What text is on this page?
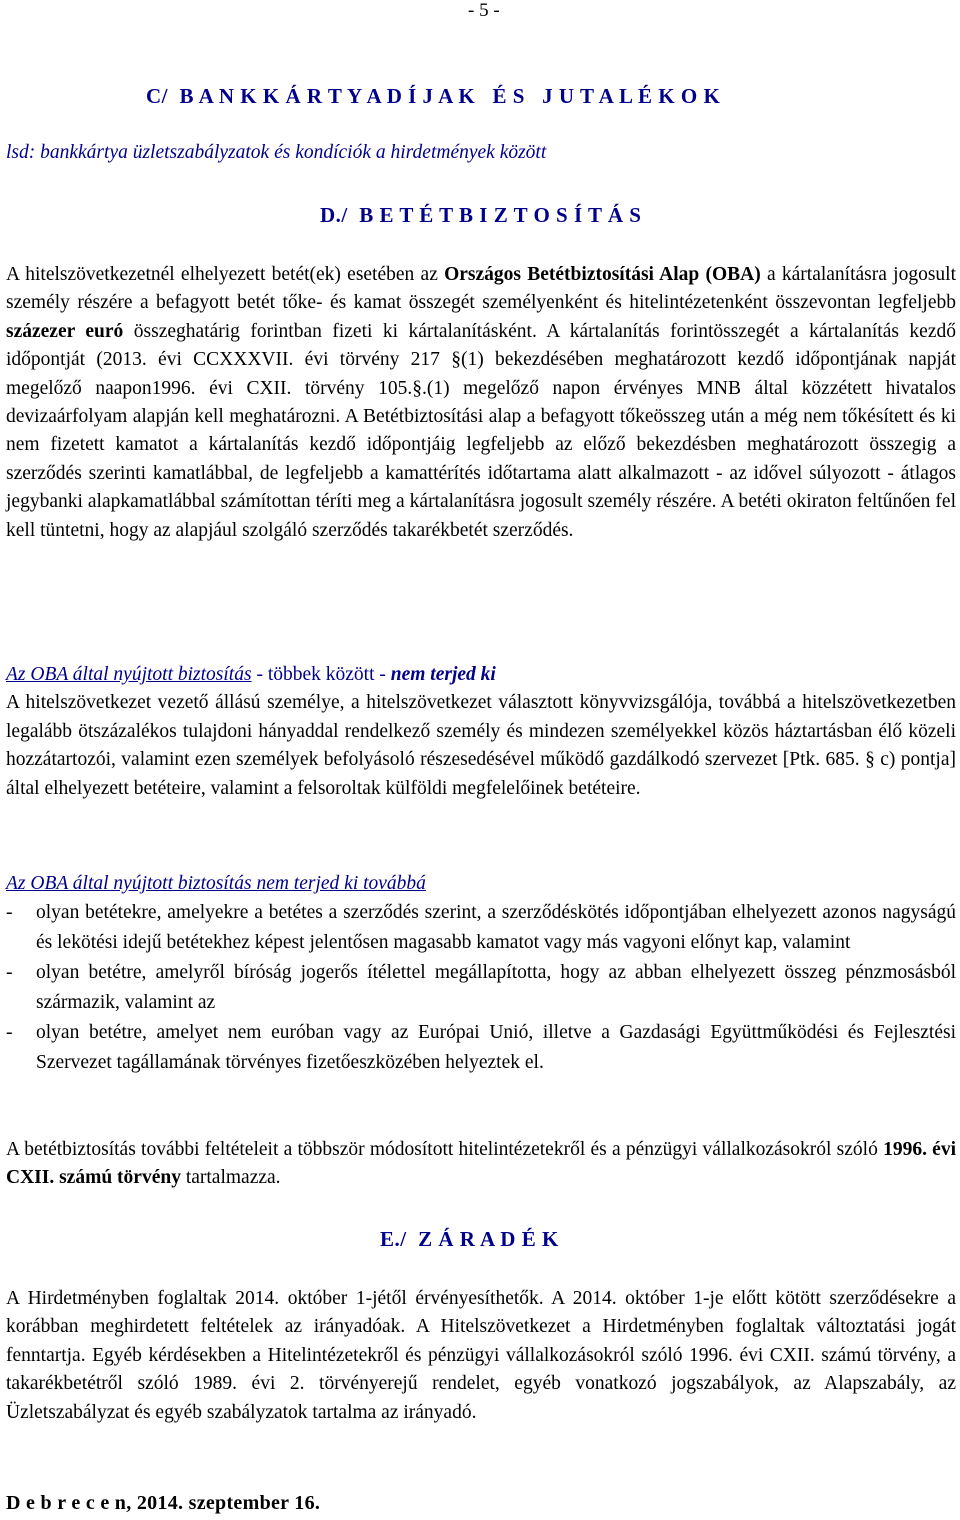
- 5 -
C/  B A N K K Á R T Y A D Í J A K   É S   J U T A L É K O K
lsd: bankkártya üzletszabályzatok és kondíciók a hirdetmények között
D./  B E T É T B I Z T O S Í T Á S
A hitelszövetkezetnél elhelyezett betét(ek) esetében az Országos Betétbiztosítási Alap (OBA) a kártalanításra jogosult személy részére a befagyott betét tőke- és kamat összegét személyenként és hitelintézetenként összevontan legfeljebb százezer euró összeghatárig forintban fizeti ki kártalanításként. A kártalanítás forintösszegét a kártalanítás kezdő időpontját (2013. évi CCXXXVII. évi törvény 217 §(1) bekezdésében meghatározott kezdő időpontjának napját megelőző naapon1996. évi CXII. törvény 105.§.(1) megelőző napon érvényes MNB által közzétett hivatalos devizaárfolyam alapján kell meghatározni. A Betétbiztosítási alap a befagyott tőkeösszeg után a még nem tőkésített és ki nem fizetett kamatot a kártalanítás kezdő időpontjáig legfeljebb az előző bekezdésben meghatározott összegig a szerződés szerinti kamatlábbal, de legfeljebb a kamattérítés időtartama alatt alkalmazott - az idővel súlyozott - átlagos jegybanki alapkamatlábbal számítottan téríti meg a kártalanításra jogosult személy részére. A betéti okiraton feltűnően fel kell tüntetni, hogy az alapjául szolgáló szerződés takarékbetét szerződés.
Az OBA által nyújtott biztosítás - többek között - nem terjed ki
A hitelszövetkezet vezető állású személye, a hitelszövetkezet választott könyvvizsgálója, továbbá a hitelszövetkezetben legalább ötszázalékos tulajdoni hányaddal rendelkező személy és mindezen személyekkel közös háztartásban élő közeli hozzátartozói, valamint ezen személyek befolyásoló részesedésével működő gazdálkodó szervezet [Ptk. 685. § c) pontja] által elhelyezett betéteire, valamint a felsoroltak külföldi megfelelőinek betéteire.
Az OBA által nyújtott biztosítás nem terjed ki továbbá

- olyan betétekre, amelyekre a betétes a szerződés szerint, a szerződéskötés időpontjában elhelyezett azonos nagyságú és lekötési idejű betétekhez képest jelentősen magasabb kamatot vagy más vagyoni előnyt kap, valamint

- olyan betétre, amelyről bíróság jogerős ítélettel megállapította, hogy az abban elhelyezett összeg pénzmosásból származik, valamint az

- olyan betétre, amelyet nem euróban vagy az Európai Unió, illetve a Gazdasági Együttműködési és Fejlesztési Szervezet tagállamának törvényes fizetőeszközében helyeztek el.

A betétbiztosítás további feltételeit a többször módosított hitelintézetekről és a pénzügyi vállalkozásokról szóló 1996. évi CXII. számú törvény tartalmazza.
E./  Z Á R A D É K
A Hirdetményben foglaltak 2014. október 1-jétől érvényesíthetők. A 2014. október 1-je előtt kötött szerződésekre a korábban meghirdetett feltételek az irányadóak. A Hitelszövetkezet a Hirdetményben foglaltak változtatási jogát fenntartja. Egyéb kérdésekben a Hitelintézetekről és pénzügyi vállalkozásokról szóló 1996. évi CXII. számú törvény, a takarékbetétről szóló 1989. évi 2. törvényerejű rendelet, egyéb vonatkozó jogszabályok, az Alapszabály, az Üzletszabályzat és egyéb szabályzatok tartalma az irányadó.
D e b r e c e n, 2014. szeptember 16.
